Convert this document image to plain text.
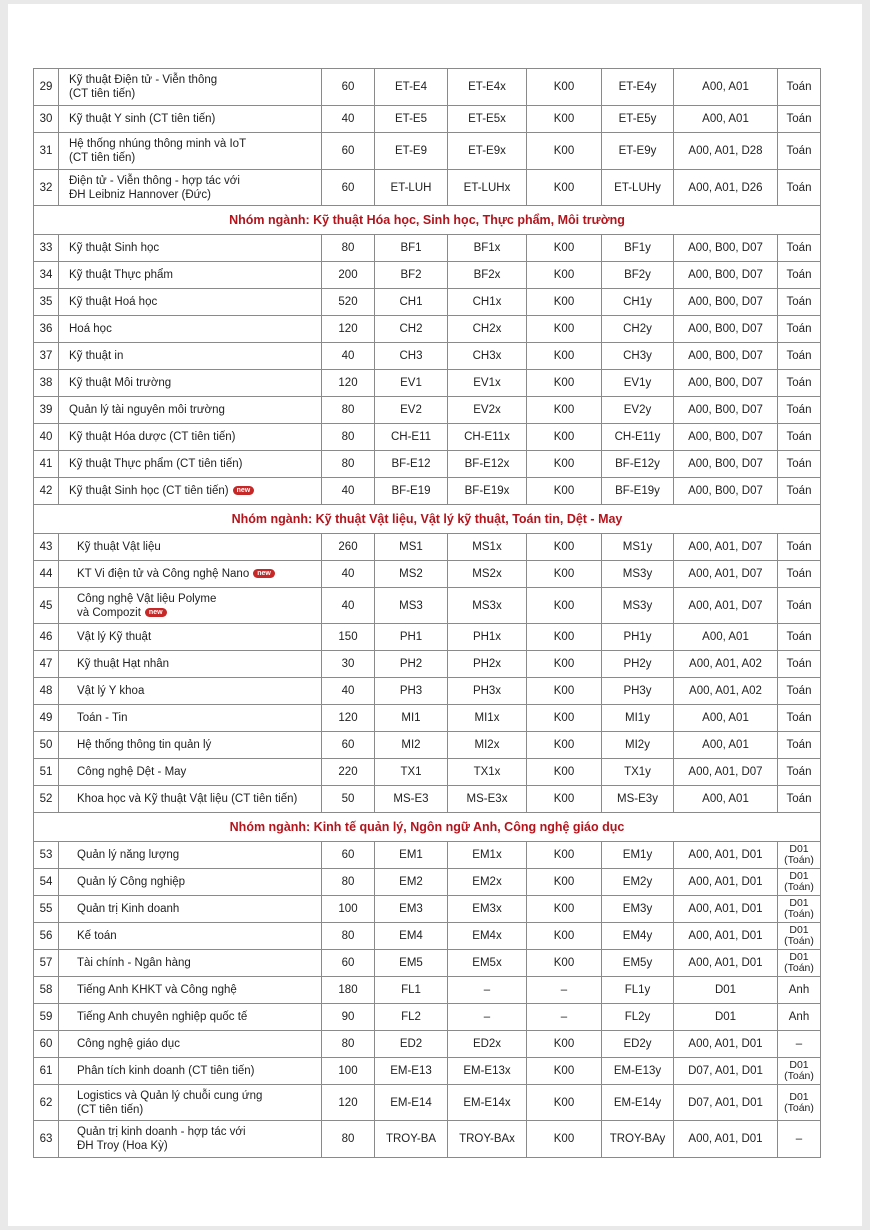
29	Kỹ thuật Điện tử - Viễn thông
(CT tiên tiến)	60	ET-E4	ET-E4x	K00	ET-E4y	A00, A01	Toán
30	Kỹ thuật Y sinh (CT tiên tiến)	40	ET-E5	ET-E5x	K00	ET-E5y	A00, A01	Toán
31	Hệ thống nhúng thông minh và IoT
(CT tiên tiến)	60	ET-E9	ET-E9x	K00	ET-E9y	A00, A01, D28	Toán
32	Điện tử - Viễn thông - hợp tác với
ĐH Leibniz Hannover (Đức)	60	ET-LUH	ET-LUHx	K00	ET-LUHy	A00, A01, D26	Toán
Nhóm ngành: Kỹ thuật Hóa học, Sinh học, Thực phẩm, Môi trường								
33	Kỹ thuật Sinh học	80	BF1	BF1x	K00	BF1y	A00, B00, D07	Toán
34	Kỹ thuật Thực phẩm	200	BF2	BF2x	K00	BF2y	A00, B00, D07	Toán
35	Kỹ thuật Hoá học	520	CH1	CH1x	K00	CH1y	A00, B00, D07	Toán
36	Hoá học	120	CH2	CH2x	K00	CH2y	A00, B00, D07	Toán
37	Kỹ thuật in	40	CH3	CH3x	K00	CH3y	A00, B00, D07	Toán
38	Kỹ thuật Môi trường	120	EV1	EV1x	K00	EV1y	A00, B00, D07	Toán
39	Quản lý tài nguyên môi trường	80	EV2	EV2x	K00	EV2y	A00, B00, D07	Toán
40	Kỹ thuật Hóa dược (CT tiên tiến)	80	CH-E11	CH-E11x	K00	CH-E11y	A00, B00, D07	Toán
41	Kỹ thuật Thực phẩm (CT tiên tiến)	80	BF-E12	BF-E12x	K00	BF-E12y	A00, B00, D07	Toán
42	Kỹ thuật Sinh học (CT tiên tiến) new	40	BF-E19	BF-E19x	K00	BF-E19y	A00, B00, D07	Toán
Nhóm ngành: Kỹ thuật Vật liệu, Vật lý kỹ thuật, Toán tin, Dệt - May								
43	Kỹ thuật Vật liệu	260	MS1	MS1x	K00	MS1y	A00, A01, D07	Toán
44	KT Vi điện tử và Công nghệ Nano new	40	MS2	MS2x	K00	MS3y	A00, A01, D07	Toán
45	Công nghệ Vật liệu Polyme
và Compozit new	40	MS3	MS3x	K00	MS3y	A00, A01, D07	Toán
46	Vật lý Kỹ thuật	150	PH1	PH1x	K00	PH1y	A00, A01	Toán
47	Kỹ thuật Hạt nhân	30	PH2	PH2x	K00	PH2y	A00, A01, A02	Toán
48	Vật lý Y khoa	40	PH3	PH3x	K00	PH3y	A00, A01, A02	Toán
49	Toán - Tin	120	MI1	MI1x	K00	MI1y	A00, A01	Toán
50	Hệ thống thông tin quản lý	60	MI2	MI2x	K00	MI2y	A00, A01	Toán
51	Công nghệ Dệt - May	220	TX1	TX1x	K00	TX1y	A00, A01, D07	Toán
52	Khoa học và Kỹ thuật Vật liệu (CT tiên tiến)	50	MS-E3	MS-E3x	K00	MS-E3y	A00, A01	Toán
Nhóm ngành: Kinh tế quản lý, Ngôn ngữ Anh, Công nghệ giáo dục								
53	Quản lý năng lượng	60	EM1	EM1x	K00	EM1y	A00, A01, D01	D01
(Toán)
54	Quản lý Công nghiệp	80	EM2	EM2x	K00	EM2y	A00, A01, D01	D01
(Toán)
55	Quản trị Kinh doanh	100	EM3	EM3x	K00	EM3y	A00, A01, D01	D01
(Toán)
56	Kế toán	80	EM4	EM4x	K00	EM4y	A00, A01, D01	D01
(Toán)
57	Tài chính - Ngân hàng	60	EM5	EM5x	K00	EM5y	A00, A01, D01	D01
(Toán)
58	Tiếng Anh KHKT và Công nghệ	180	FL1	–	–	FL1y	D01	Anh
59	Tiếng Anh chuyên nghiệp quốc tế	90	FL2	–	–	FL2y	D01	Anh
60	Công nghệ giáo dục	80	ED2	ED2x	K00	ED2y	A00, A01, D01	–
61	Phân tích kinh doanh (CT tiên tiến)	100	EM-E13	EM-E13x	K00	EM-E13y	D07, A01, D01	D01
(Toán)
62	Logistics và Quản lý chuỗi cung ứng
(CT tiên tiến)	120	EM-E14	EM-E14x	K00	EM-E14y	D07, A01, D01	D01
(Toán)
63	Quản trị kinh doanh - hợp tác với
ĐH Troy (Hoa Kỳ)	80	TROY-BA	TROY-BAx	K00	TROY-BAy	A00, A01, D01	–
